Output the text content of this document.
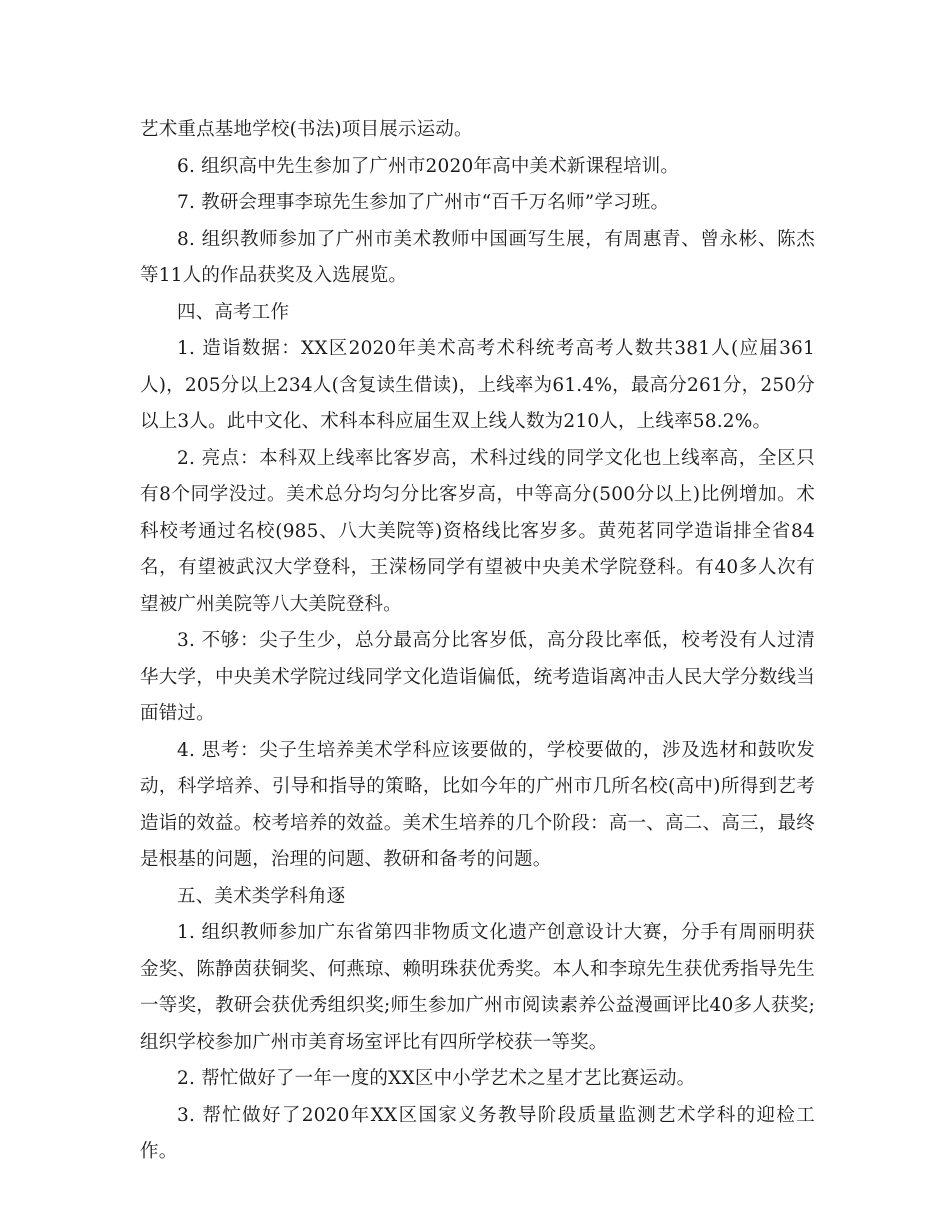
艺术重点基地学校(书法)项目展示运动。

6. 组织高中先生参加了广州市2020年高中美术新课程培训。

7. 教研会理事李琼先生参加了广州市“百千万名师”学习班。

8. 组织教师参加了广州市美术教师中国画写生展，有周惠青、曾永彬、陈杰等11人的作品获奖及入选展览。

四、高考工作

1. 造诣数据：XX区2020年美术高考术科统考高考人数共381人(应届361人)，205分以上234人(含复读生借读)，上线率为61.4%，最高分261分，250分以上3人。此中文化、术科本科应届生双上线人数为210人，上线率58.2%。

2. 亮点：本科双上线率比客岁高，术科过线的同学文化也上线率高，全区只有8个同学没过。美术总分均匀分比客岁高，中等高分(500分以上)比例增加。术科校考通过名校(985、八大美院等)资格线比客岁多。黄苑茗同学造诣排全省84名，有望被武汉大学登科，王溁杨同学有望被中央美术学院登科。有40多人次有望被广州美院等八大美院登科。

3. 不够：尖子生少，总分最高分比客岁低，高分段比率低，校考没有人过清华大学，中央美术学院过线同学文化造诣偏低，统考造诣离冲击人民大学分数线当面错过。

4. 思考：尖子生培养美术学科应该要做的，学校要做的，涉及选材和鼓吹发动，科学培养、引导和指导的策略，比如今年的广州市几所名校(高中)所得到艺考造诣的效益。校考培养的效益。美术生培养的几个阶段：高一、高二、高三，最终是根基的问题，治理的问题、教研和备考的问题。

五、美术类学科角逐

1. 组织教师参加广东省第四非物质文化遗产创意设计大赛，分手有周丽明获金奖、陈静茵获铜奖、何燕琼、赖明珠获优秀奖。本人和李琼先生获优秀指导先生一等奖，教研会获优秀组织奖;师生参加广州市阅读素养公益漫画评比40多人获奖;组织学校参加广州市美育场室评比有四所学校获一等奖。

2. 帮忙做好了一年一度的XX区中小学艺术之星才艺比赛运动。

3. 帮忙做好了2020年XX区国家义务教导阶段质量监测艺术学科的迎检工作。
